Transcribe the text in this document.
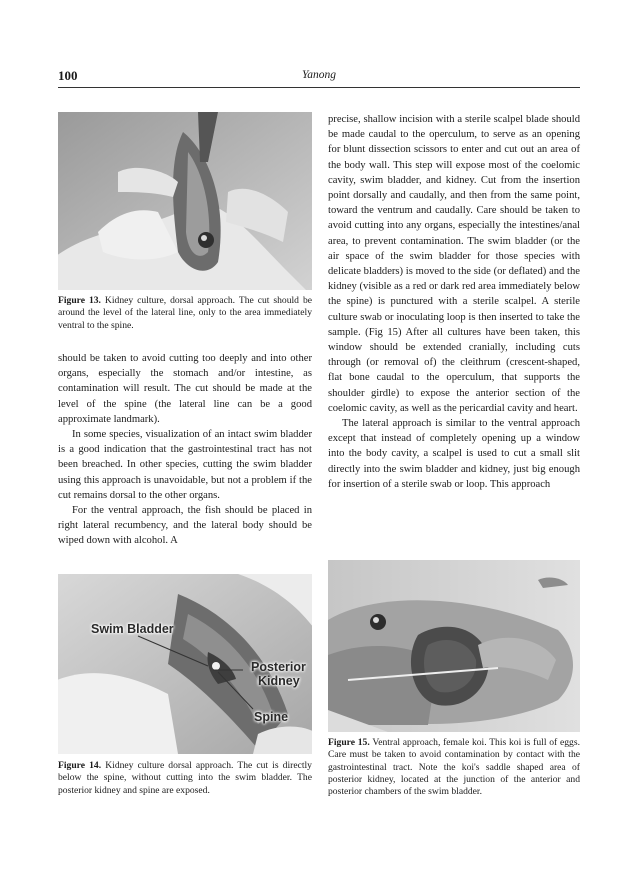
100	Yanong
Figure 13. Kidney culture, dorsal approach. The cut should be around the level of the lateral line, only to the area immediately ventral to the spine.

should be taken to avoid cutting too deeply and into other organs, especially the stomach and/or intestine, as contamination will result. The cut should be made at the level of the spine (the lateral line can be a good approximate landmark).

In some species, visualization of an intact swim bladder is a good indication that the gastrointestinal tract has not been breached. In other species, cutting the swim bladder using this approach is unavoidable, but not a problem if the cut remains dorsal to the other organs.

For the ventral approach, the fish should be placed in right lateral recumbency, and the lateral body should be wiped down with alcohol. A

precise, shallow incision with a sterile scalpel blade should be made caudal to the operculum, to serve as an opening for blunt dissection scissors to enter and cut out an area of the body wall. This step will expose most of the coelomic cavity, swim bladder, and kidney. Cut from the insertion point dorsally and caudally, and then from the same point, toward the ventrum and caudally. Care should be taken to avoid cutting into any organs, especially the intestines/anal area, to prevent contamination. The swim bladder (or the air space of the swim bladder for those species with delicate bladders) is moved to the side (or deflated) and the kidney (visible as a red or dark red area immediately below the spine) is punctured with a sterile scalpel. A sterile culture swab or inoculating loop is then inserted to take the sample. (Fig 15) After all cultures have been taken, this window should be extended cranially, including cuts through (or removal of) the cleithrum (crescent-shaped, flat bone caudal to the operculum, that supports the shoulder girdle) to expose the anterior section of the coelomic cavity, as well as the pericardial cavity and heart.

The lateral approach is similar to the ventral approach except that instead of completely opening up a window into the body cavity, a scalpel is used to cut a small slit directly into the swim bladder and kidney, just big enough for insertion of a sterile swab or loop. This approach

Swim Bladder
Posterior
Kidney
Spine
Figure 14. Kidney culture dorsal approach. The cut is directly below the spine, without cutting into the swim bladder. The posterior kidney and spine are exposed.
Figure 15. Ventral approach, female koi. This koi is full of eggs. Care must be taken to avoid contamination by contact with the gastrointestinal tract. Note the koi's saddle shaped area of posterior kidney, located at the junction of the anterior and posterior chambers of the swim bladder.
